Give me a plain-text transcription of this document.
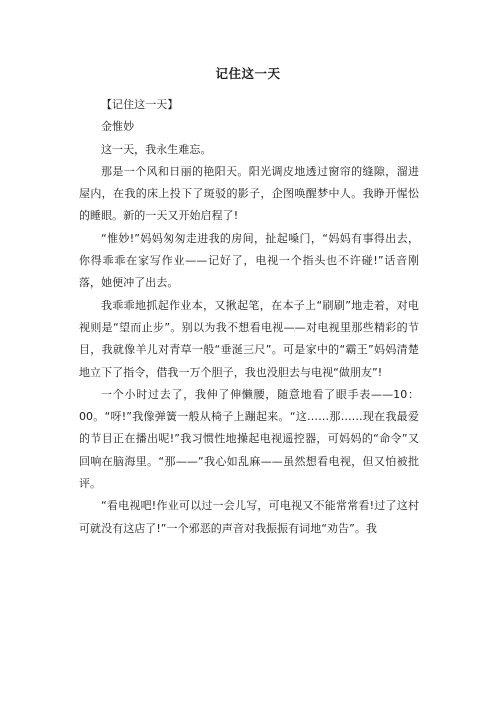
记住这一天

【记住这一天】

金惟妙

这一天，我永生难忘。

那是一个风和日丽的艳阳天。阳光调皮地透过窗帘的缝隙，溜进屋内，在我的床上投下了斑驳的影子，企图唤醒梦中人。我睁开惺忪的睡眼。新的一天又开始启程了!

“惟妙!”妈妈匆匆走进我的房间，扯起嗓门，“妈妈有事得出去，你得乖乖在家写作业——记好了，电视一个指头也不许碰!”话音刚落，她便冲了出去。

我乖乖地抓起作业本，又揪起笔，在本子上“刷刷”地走着，对电视则是“望而止步”。别以为我不想看电视——对电视里那些精彩的节目，我就像羊儿对青草一般“垂涎三尺”。可是家中的“霸王”妈妈清楚地立下了指令，借我一万个胆子，我也没胆去与电视“做朋友”!

一个小时过去了，我伸了伸懒腰，随意地看了眼手表——10：00。“呀!”我像弹簧一般从椅子上蹦起来。“这……那……现在我最爱的节目正在播出呢!”我习惯性地操起电视遥控器，可妈妈的“命令”又回响在脑海里。“那——”我心如乱麻——虽然想看电视，但又怕被批评。

“看电视吧!作业可以过一会儿写，可电视又不能常常看!过了这村可就没有这店了!”一个邪恶的声音对我振振有词地“劝告”。我
